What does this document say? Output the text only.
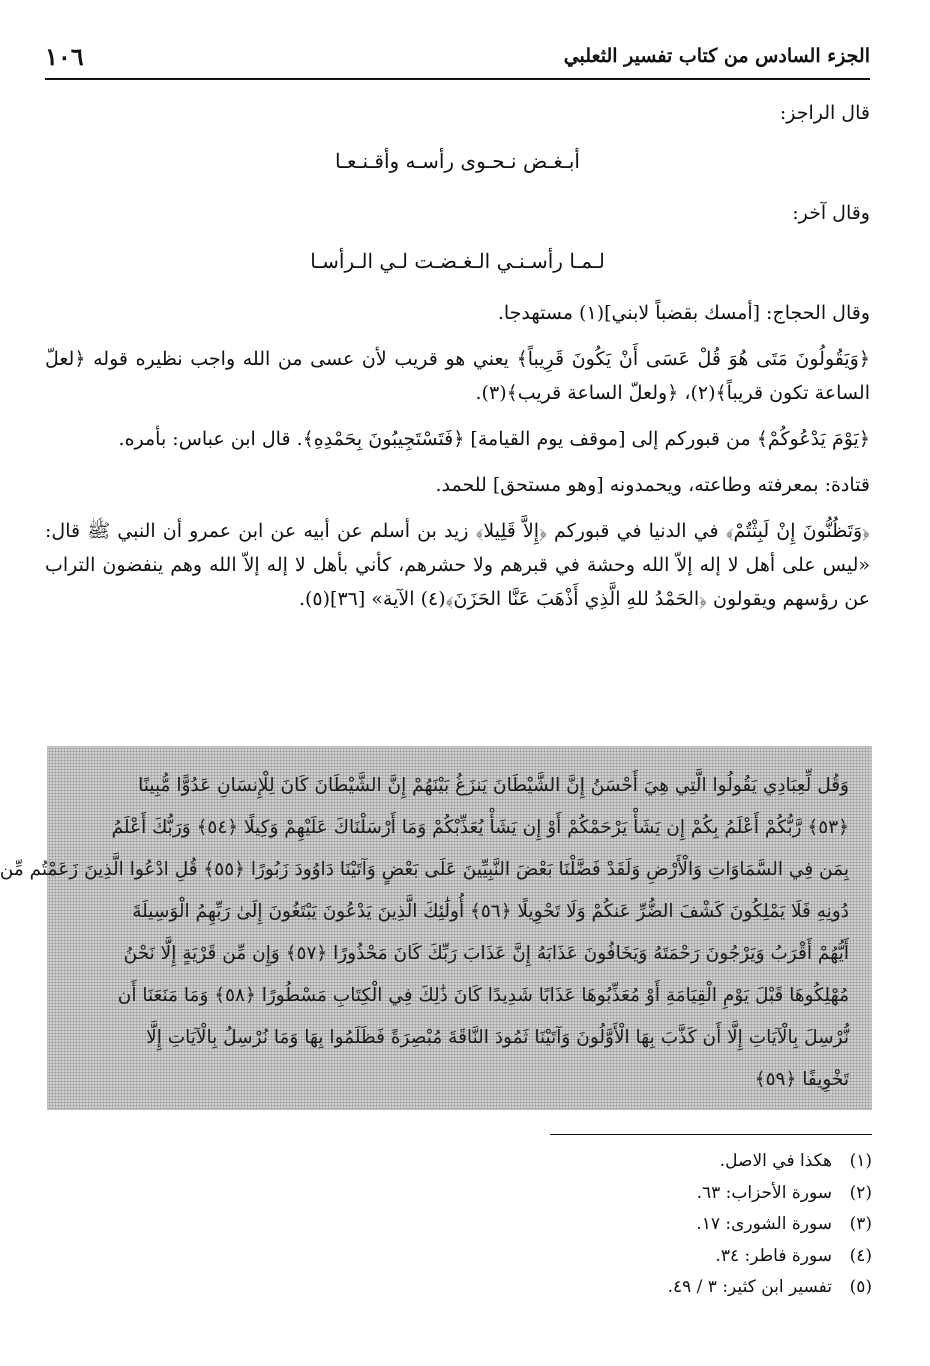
الجزء السادس من كتاب تفسير الثعلبي
١٠٦

قال الراجز:

أبـغـض نـحـوى رأسـه وأقـنـعـا

وقال آخر:

لـمـا رأسـنـي الـغـضـت لـي الـرأسـا

وقال الحجاج: [أمسك بقضباً لابني](١) مستهدجا.

﴿وَيَقُولُونَ مَتَى هُوَ قُلْ عَسَى أَنْ يَكُونَ قَرِيباً﴾ يعني هو قريب لأن عسى من الله واجب نظيره قوله ﴿لعلّ الساعة تكون قريباً﴾(٢)، ﴿ولعلّ الساعة قريب﴾(٣).

﴿يَوْمَ يَدْعُوكُمْ﴾ من قبوركم إلى [موقف يوم القيامة] ﴿فَتَسْتَجِيبُونَ بِحَمْدِهِ﴾. قال ابن عباس: بأمره.

قتادة: بمعرفته وطاعته، ويحمدونه [وهو مستحق] للحمد.

﴿وَتَظُنُّونَ إِنْ لَبِثْتُمْ﴾ في الدنيا في قبوركم ﴿إِلاَّ قَلِيلا﴾ زيد بن أسلم عن أبيه عن ابن عمرو أن النبي ﷺ قال: «ليس على أهل لا إله إلاّ الله وحشة في قبرهم ولا حشرهم، كأني بأهل لا إله إلاّ الله وهم ينفضون التراب عن رؤسهم ويقولون ﴿الحَمْدُ للهِ الَّذِي أَذْهَبَ عَنَّا الحَزَنَ﴾(٤) الآية» [٣٦](٥).

وَقُل لِّعِبَادِي يَقُولُوا الَّتِي هِيَ أَحْسَنُ إِنَّ الشَّيْطَانَ يَنزَغُ بَيْنَهُمْ إِنَّ الشَّيْطَانَ كَانَ لِلْإِنسَانِ عَدُوًّا مُّبِينًا

﴿٥٣﴾ رَّبُّكُمْ أَعْلَمُ بِكُمْ إِن يَشَأْ يَرْحَمْكُمْ أَوْ إِن يَشَأْ يُعَذِّبْكُمْ وَمَا أَرْسَلْنَاكَ عَلَيْهِمْ وَكِيلًا ﴿٥٤﴾ وَرَبُّكَ أَعْلَمُ

بِمَن فِي السَّمَاوَاتِ وَالْأَرْضِ وَلَقَدْ فَضَّلْنَا بَعْضَ النَّبِيِّينَ عَلَى بَعْضٍ وَآتَيْنَا دَاوُودَ زَبُورًا ﴿٥٥﴾ قُلِ ادْعُوا الَّذِينَ زَعَمْتُم مِّن

دُونِهِ فَلَا يَمْلِكُونَ كَشْفَ الضُّرِّ عَنكُمْ وَلَا تَحْوِيلًا ﴿٥٦﴾ أُولَٰئِكَ الَّذِينَ يَدْعُونَ يَبْتَغُونَ إِلَىٰ رَبِّهِمُ الْوَسِيلَةَ

أَيُّهُمْ أَقْرَبُ وَيَرْجُونَ رَحْمَتَهُ وَيَخَافُونَ عَذَابَهُ إِنَّ عَذَابَ رَبِّكَ كَانَ مَحْذُورًا ﴿٥٧﴾ وَإِن مِّن قَرْيَةٍ إِلَّا نَحْنُ

مُهْلِكُوهَا قَبْلَ يَوْمِ الْقِيَامَةِ أَوْ مُعَذِّبُوهَا عَذَابًا شَدِيدًا كَانَ ذَٰلِكَ فِي الْكِتَابِ مَسْطُورًا ﴿٥٨﴾ وَمَا مَنَعَنَا أَن

نُّرْسِلَ بِالْآيَاتِ إِلَّا أَن كَذَّبَ بِهَا الْأَوَّلُونَ وَآتَيْنَا ثَمُودَ النَّاقَةَ مُبْصِرَةً فَظَلَمُوا بِهَا وَمَا نُرْسِلُ بِالْآيَاتِ إِلَّا

تَخْوِيفًا ﴿٥٩﴾

(١)
هكذا في الاصل.
(٢)
سورة الأحزاب: ٦٣.
(٣)
سورة الشورى: ١٧.
(٤)
سورة فاطر: ٣٤.
(٥)
تفسير ابن كثير: ٣ / ٤٩.
